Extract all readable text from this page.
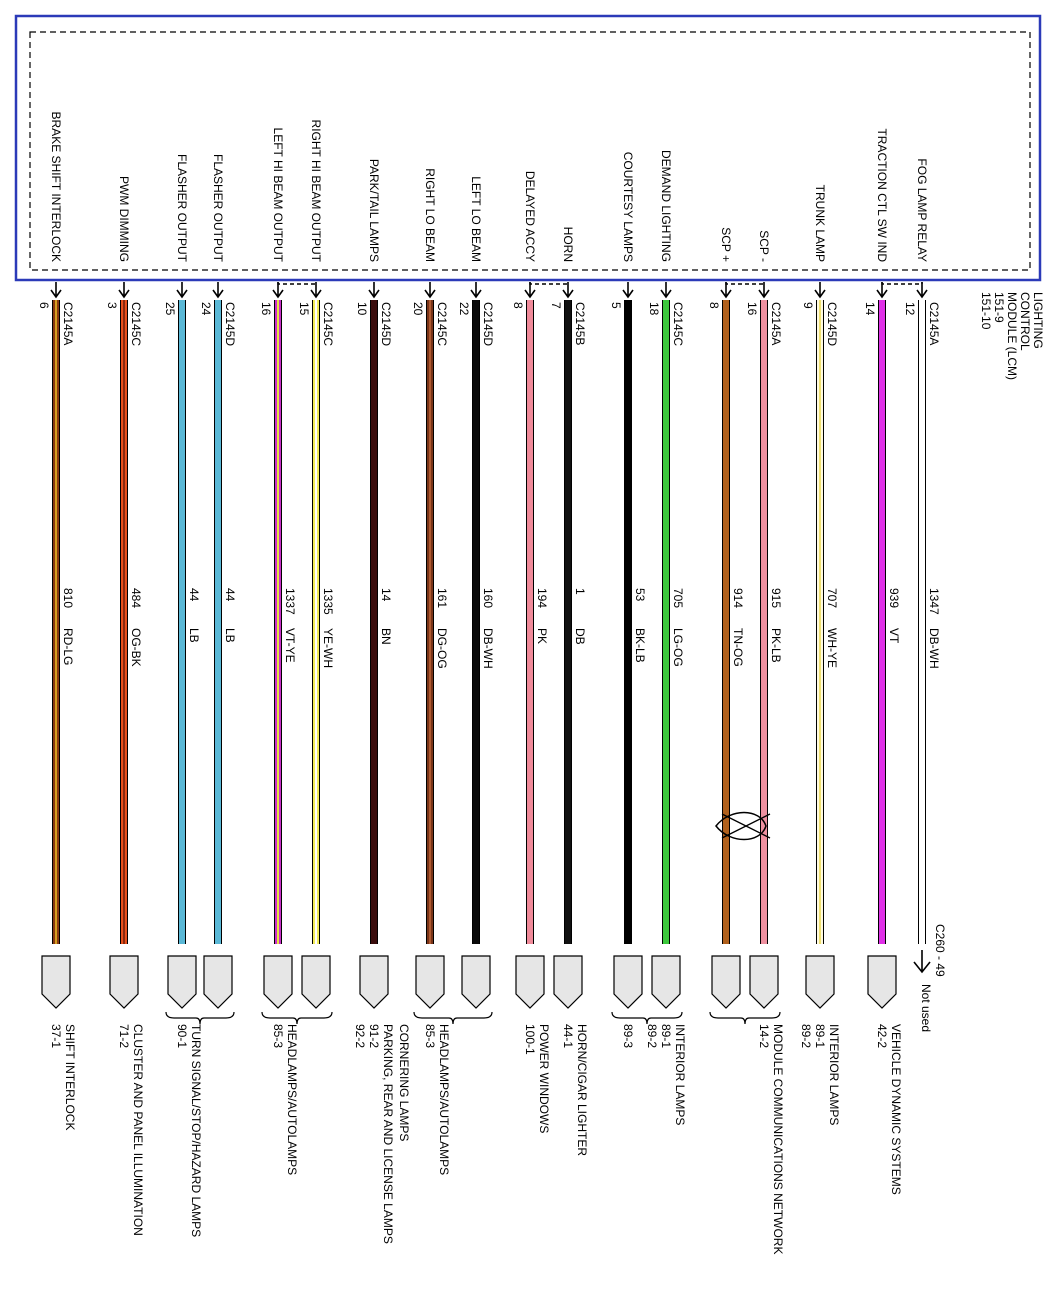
LIGHTING
CONTROL
MODULE (LCM)
151-9
151-10
BRAKE SHIFT INTERLOCK
6 C2145A
810
RD-LG
SHIFT INTERLOCK
37-1
PWM DIMMING
3 C2145C
484
OG-BK
CLUSTER AND PANEL ILLUMINATION
71-2
FLASHER OUTPUT
25
44
LB
TURN SIGNAL/STOP/HAZARD LAMPS
90-1
FLASHER OUTPUT
24 C2145D
44
LB
LEFT HI BEAM OUTPUT
16
1337
VT-YE
HEADLAMPS/AUTOLAMPS
85-3
RIGHT HI BEAM OUTPUT
15 C2145C
1335
YE-WH
PARK/TAIL LAMPS
10 C2145D
14
BN
PARKING, REAR AND LICENSE LAMPS CORNERING LAMPS
91-2
92-2
RIGHT LO BEAM
20 C2145C
161
DG-OG
HEADLAMPS/AUTOLAMPS
85-3
LEFT LO BEAM
22 C2145D
160
DB-WH
DELAYED ACCY
8
194
PK
POWER WINDOWS
100-1
HORN
7 C2145B
1
DB
HORN/CIGAR LIGHTER
44-1
COURTESY LAMPS
5
53
BK-LB
89-3
DEMAND LIGHTING
18 C2145C
705
LG-OG
INTERIOR LAMPS
89-1
89-2
SCP +
8
914
TN-OG
SCP -
16 C2145A
915
PK-LB
MODULE COMMUNICATIONS NETWORK
14-2
TRUNK LAMP
9 C2145D
707
WH-YE
INTERIOR LAMPS
89-1
89-2
TRACTION CTL SW IND
14
939
VT
VEHICLE DYNAMIC SYSTEMS
42-2
FOG LAMP RELAY
12 C2145A
1347
DB-WH
C260 - 49
Not used
